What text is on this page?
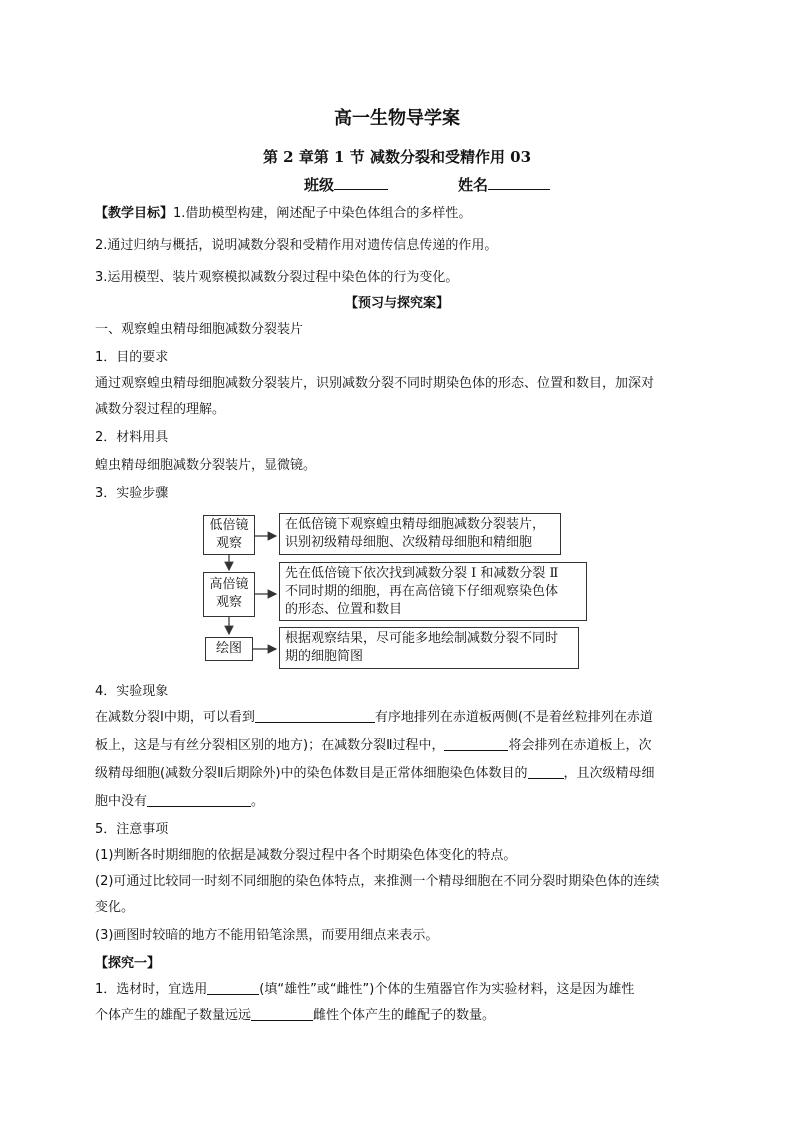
高一生物导学案
第 2 章第 1 节 减数分裂和受精作用 03
班级	姓名
【教学目标】1.借助模型构建，阐述配子中染色体组合的多样性。
2.通过归纳与概括，说明减数分裂和受精作用对遗传信息传递的作用。
3.运用模型、装片观察模拟减数分裂过程中染色体的行为变化。
【预习与探究案】
一、观察蝗虫精母细胞减数分裂装片
1．目的要求
通过观察蝗虫精母细胞减数分裂装片，识别减数分裂不同时期染色体的形态、位置和数目，加深对
减数分裂过程的理解。
2．材料用具
蝗虫精母细胞减数分裂装片，显微镜。
3．实验步骤
低倍镜
观察
在低倍镜下观察蝗虫精母细胞减数分裂装片，
识别初级精母细胞、次级精母细胞和精细胞
高倍镜
观察
先在低倍镜下依次找到减数分裂 Ⅰ 和减数分裂 Ⅱ
不同时期的细胞，再在高倍镜下仔细观察染色体
的形态、位置和数目
绘图
根据观察结果，尽可能多地绘制减数分裂不同时
期的细胞简图
4．实验现象
在减数分裂Ⅰ中期，可以看到	有序地排列在赤道板两侧(不是着丝粒排列在赤道
板上，这是与有丝分裂相区别的地方)；在减数分裂Ⅱ过程中，	将会排列在赤道板上，次
级精母细胞(减数分裂Ⅱ后期除外)中的染色体数目是正常体细胞染色体数目的	，且次级精母细
胞中没有	。
5．注意事项
(1)判断各时期细胞的依据是减数分裂过程中各个时期染色体变化的特点。
(2)可通过比较同一时刻不同细胞的染色体特点，来推测一个精母细胞在不同分裂时期染色体的连续
变化。
(3)画图时较暗的地方不能用铅笔涂黑，而要用细点来表示。
【探究一】
1．选材时，宜选用	(填“雄性”或“雌性”)个体的生殖器官作为实验材料，这是因为雄性
个体产生的雄配子数量远远	雌性个体产生的雌配子的数量。
